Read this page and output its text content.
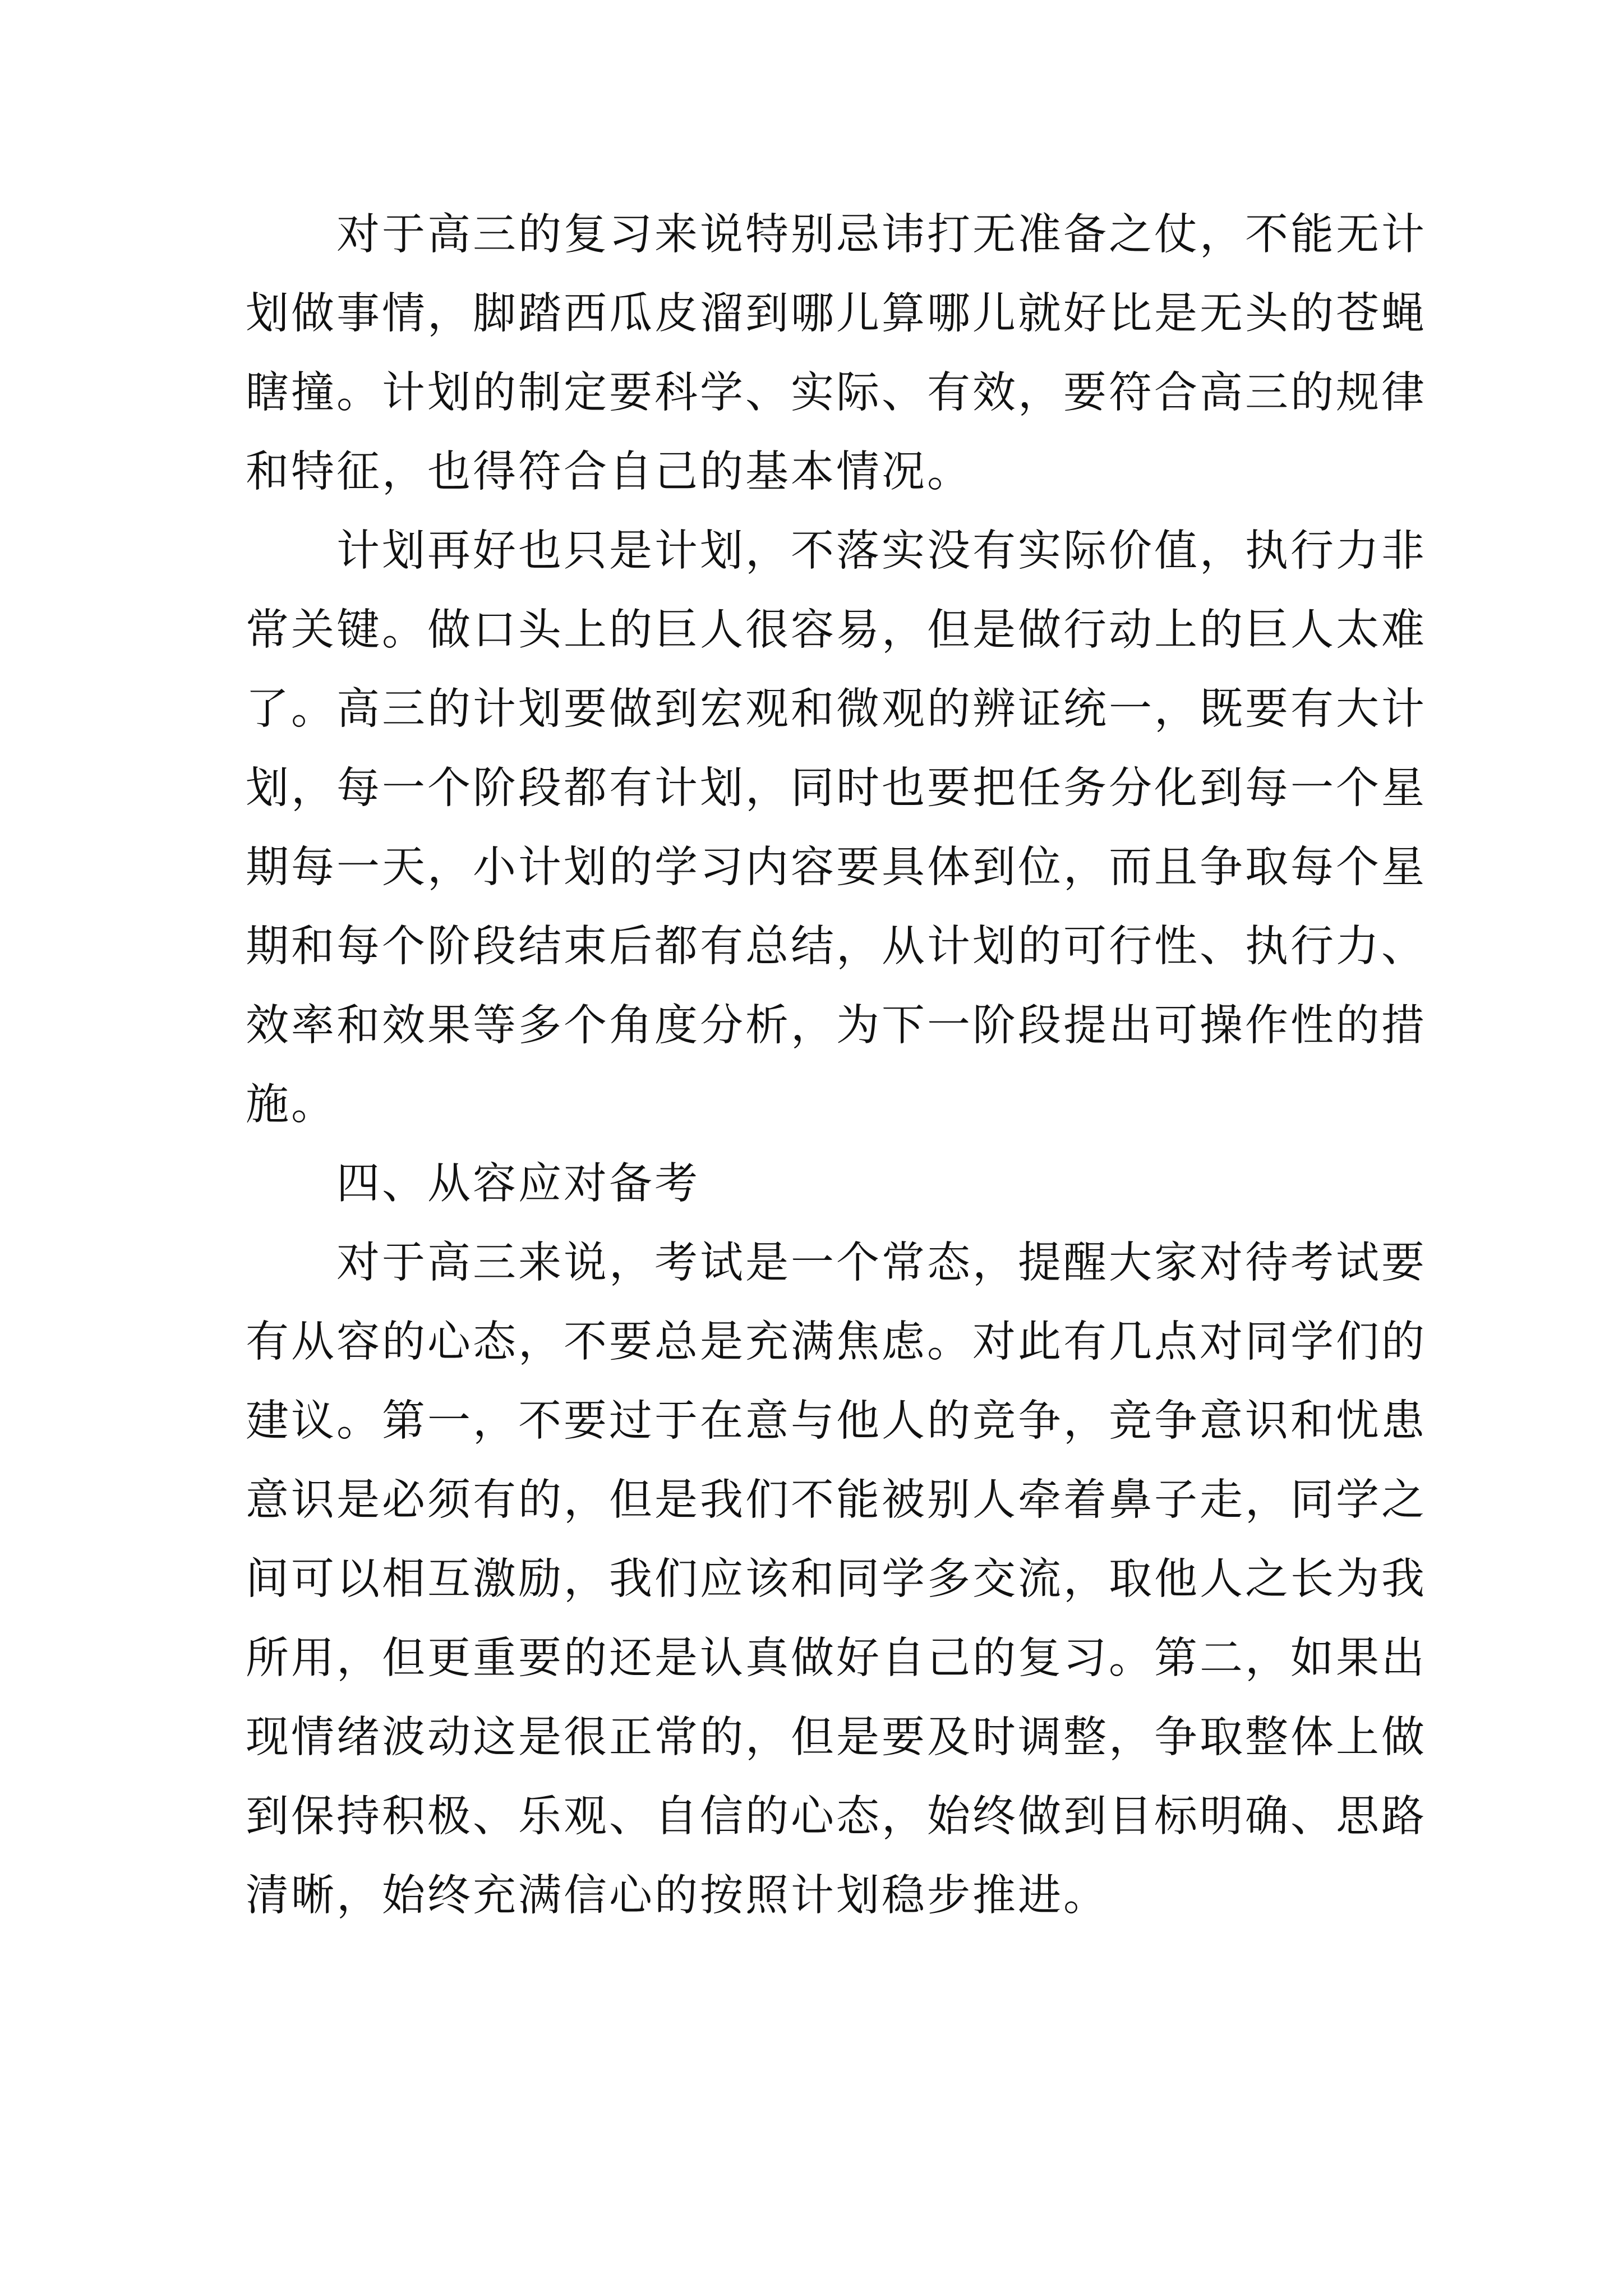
对于高三的复习来说特别忌讳打无准备之仗，不能无计
划做事情，脚踏西瓜皮溜到哪儿算哪儿就好比是无头的苍蝇
瞎撞。计划的制定要科学、实际、有效，要符合高三的规律
和特征，也得符合自己的基本情况。
计划再好也只是计划，不落实没有实际价值，执行力非
常关键。做口头上的巨人很容易，但是做行动上的巨人太难
了。高三的计划要做到宏观和微观的辨证统一，既要有大计
划，每一个阶段都有计划，同时也要把任务分化到每一个星
期每一天，小计划的学习内容要具体到位，而且争取每个星
期和每个阶段结束后都有总结，从计划的可行性、执行力、
效率和效果等多个角度分析，为下一阶段提出可操作性的措
施。
四、从容应对备考
对于高三来说，考试是一个常态，提醒大家对待考试要
有从容的心态，不要总是充满焦虑。对此有几点对同学们的
建议。第一，不要过于在意与他人的竞争，竞争意识和忧患
意识是必须有的，但是我们不能被别人牵着鼻子走，同学之
间可以相互激励，我们应该和同学多交流，取他人之长为我
所用，但更重要的还是认真做好自己的复习。第二，如果出
现情绪波动这是很正常的，但是要及时调整，争取整体上做
到保持积极、乐观、自信的心态，始终做到目标明确、思路
清晰，始终充满信心的按照计划稳步推进。
